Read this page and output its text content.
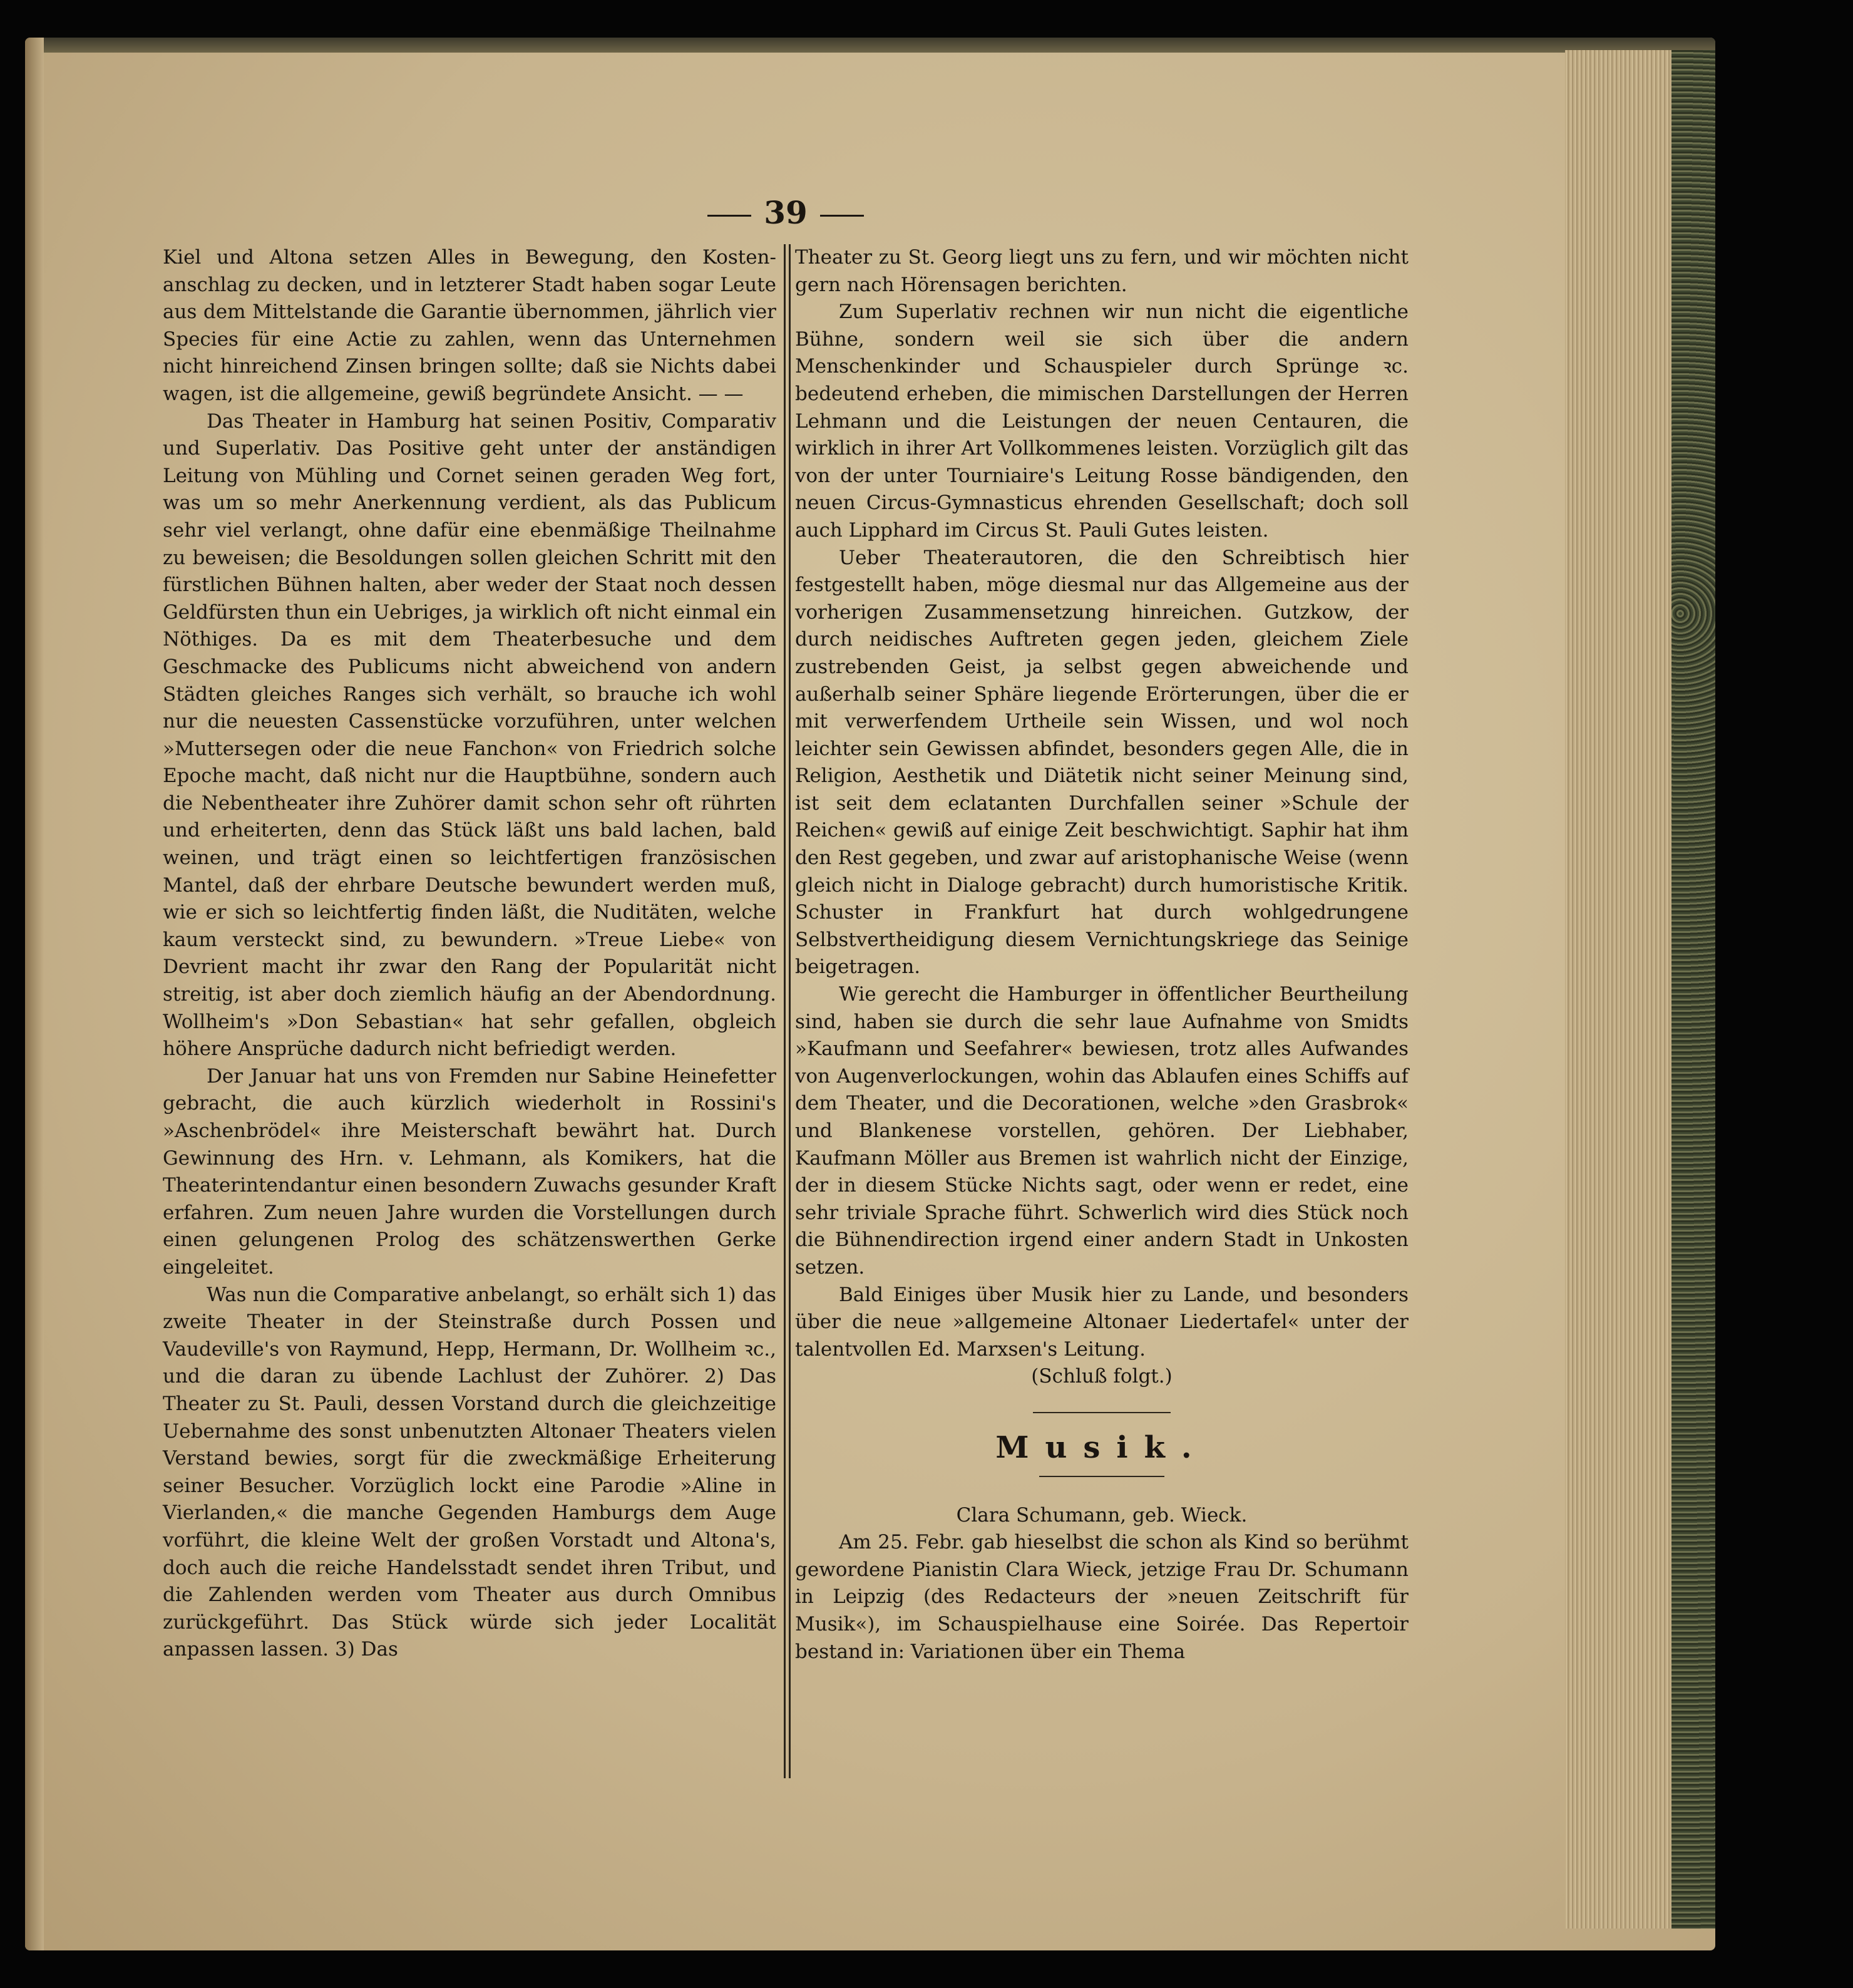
39

Kiel und Altona setzen Alles in Bewegung, den Kosten-anschlag zu decken, und in letzterer Stadt haben sogar Leute aus dem Mittelstande die Garantie übernommen, jährlich vier Species für eine Actie zu zahlen, wenn das Unternehmen nicht hinreichend Zinsen bringen sollte; daß sie Nichts dabei wagen, ist die allgemeine, gewiß begründete Ansicht. — —

Das Theater in Hamburg hat seinen Positiv, Comparativ und Superlativ. Das Positive geht unter der anständigen Leitung von Mühling und Cornet seinen geraden Weg fort, was um so mehr Anerkennung verdient, als das Publicum sehr viel verlangt, ohne dafür eine ebenmäßige Theilnahme zu beweisen; die Besoldungen sollen gleichen Schritt mit den fürstlichen Bühnen halten, aber weder der Staat noch dessen Geldfürsten thun ein Uebriges, ja wirklich oft nicht einmal ein Nöthiges. Da es mit dem Theaterbesuche und dem Geschmacke des Publicums nicht abweichend von andern Städten gleiches Ranges sich verhält, so brauche ich wohl nur die neuesten Cassenstücke vorzuführen, unter welchen »Muttersegen oder die neue Fanchon« von Friedrich solche Epoche macht, daß nicht nur die Hauptbühne, sondern auch die Nebentheater ihre Zuhörer damit schon sehr oft rührten und erheiterten, denn das Stück läßt uns bald lachen, bald weinen, und trägt einen so leichtfertigen französischen Mantel, daß der ehrbare Deutsche bewundert werden muß, wie er sich so leichtfertig finden läßt, die Nuditäten, welche kaum versteckt sind, zu bewundern. »Treue Liebe« von Devrient macht ihr zwar den Rang der Popularität nicht streitig, ist aber doch ziemlich häufig an der Abendordnung. Wollheim's »Don Sebastian« hat sehr gefallen, obgleich höhere Ansprüche dadurch nicht befriedigt werden.

Der Januar hat uns von Fremden nur Sabine Heinefetter gebracht, die auch kürzlich wiederholt in Rossini's »Aschenbrödel« ihre Meisterschaft bewährt hat. Durch Gewinnung des Hrn. v. Lehmann, als Komikers, hat die Theaterintendantur einen besondern Zuwachs gesunder Kraft erfahren. Zum neuen Jahre wurden die Vorstellungen durch einen gelungenen Prolog des schätzenswerthen Gerke eingeleitet.

Was nun die Comparative anbelangt, so erhält sich 1) das zweite Theater in der Steinstraße durch Possen und Vaudeville's von Raymund, Hepp, Hermann, Dr. Wollheim ꝛc., und die daran zu übende Lachlust der Zuhörer. 2) Das Theater zu St. Pauli, dessen Vorstand durch die gleichzeitige Uebernahme des sonst unbenutzten Altonaer Theaters vielen Verstand bewies, sorgt für die zweckmäßige Erheiterung seiner Besucher. Vorzüglich lockt eine Parodie »Aline in Vierlanden,« die manche Gegenden Hamburgs dem Auge vorführt, die kleine Welt der großen Vorstadt und Altona's, doch auch die reiche Handelsstadt sendet ihren Tribut, und die Zahlenden werden vom Theater aus durch Omnibus zurückgeführt. Das Stück würde sich jeder Localität anpassen lassen. 3) Das

Theater zu St. Georg liegt uns zu fern, und wir möchten nicht gern nach Hörensagen berichten.

Zum Superlativ rechnen wir nun nicht die eigentliche Bühne, sondern weil sie sich über die andern Menschenkinder und Schauspieler durch Sprünge ꝛc. bedeutend erheben, die mimischen Darstellungen der Herren Lehmann und die Leistungen der neuen Centauren, die wirklich in ihrer Art Vollkommenes leisten. Vorzüglich gilt das von der unter Tourniaire's Leitung Rosse bändigenden, den neuen Circus-Gymnasticus ehrenden Gesellschaft; doch soll auch Lipphard im Circus St. Pauli Gutes leisten.

Ueber Theaterautoren, die den Schreibtisch hier festgestellt haben, möge diesmal nur das Allgemeine aus der vorherigen Zusammensetzung hinreichen. Gutzkow, der durch neidisches Auftreten gegen jeden, gleichem Ziele zustrebenden Geist, ja selbst gegen abweichende und außerhalb seiner Sphäre liegende Erörterungen, über die er mit verwerfendem Urtheile sein Wissen, und wol noch leichter sein Gewissen abfindet, besonders gegen Alle, die in Religion, Aesthetik und Diätetik nicht seiner Meinung sind, ist seit dem eclatanten Durchfallen seiner »Schule der Reichen« gewiß auf einige Zeit beschwichtigt. Saphir hat ihm den Rest gegeben, und zwar auf aristophanische Weise (wenn gleich nicht in Dialoge gebracht) durch humoristische Kritik. Schuster in Frankfurt hat durch wohlgedrungene Selbstvertheidigung diesem Vernichtungskriege das Seinige beigetragen.

Wie gerecht die Hamburger in öffentlicher Beurtheilung sind, haben sie durch die sehr laue Aufnahme von Smidts »Kaufmann und Seefahrer« bewiesen, trotz alles Aufwandes von Augenverlockungen, wohin das Ablaufen eines Schiffs auf dem Theater, und die Decorationen, welche »den Grasbrok« und Blankenese vorstellen, gehören. Der Liebhaber, Kaufmann Möller aus Bremen ist wahrlich nicht der Einzige, der in diesem Stücke Nichts sagt, oder wenn er redet, eine sehr triviale Sprache führt. Schwerlich wird dies Stück noch die Bühnendirection irgend einer andern Stadt in Unkosten setzen.

Bald Einiges über Musik hier zu Lande, und besonders über die neue »allgemeine Altonaer Liedertafel« unter der talentvollen Ed. Marxsen's Leitung.

(Schluß folgt.)

Musik.

Clara Schumann, geb. Wieck.

Am 25. Febr. gab hieselbst die schon als Kind so berühmt gewordene Pianistin Clara Wieck, jetzige Frau Dr. Schumann in Leipzig (des Redacteurs der »neuen Zeitschrift für Musik«), im Schauspielhause eine Soirée. Das Repertoir bestand in: Variationen über ein Thema
